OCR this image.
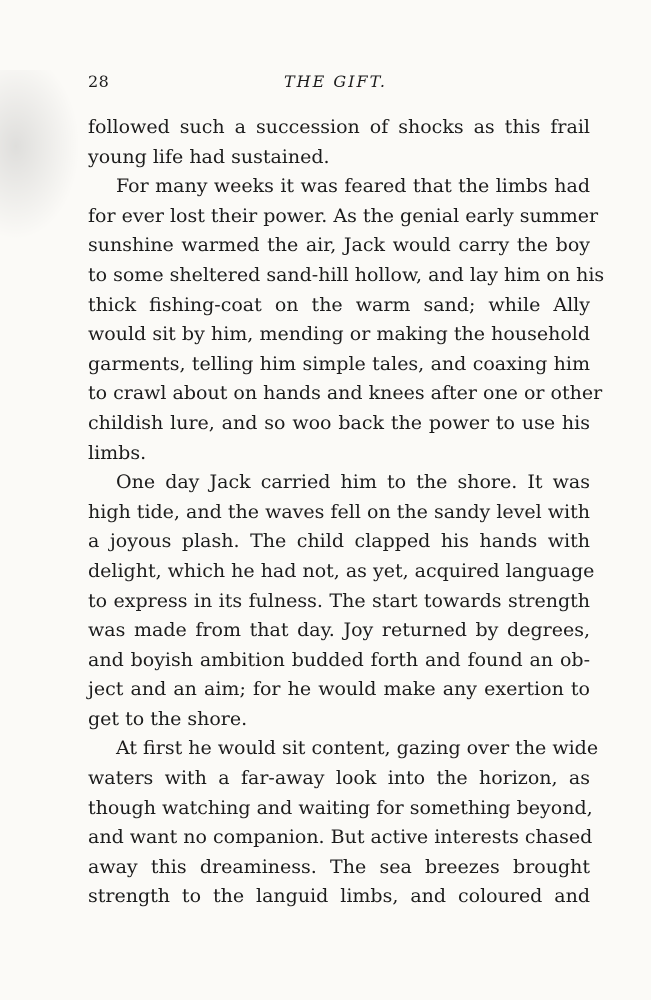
28	THE GIFT.
followed such a succession of shocks as this frail
young life had sustained.
For many weeks it was feared that the limbs had
for ever lost their power. As the genial early summer
sunshine warmed the air, Jack would carry the boy
to some sheltered sand-hill hollow, and lay him on his
thick fishing-coat on the warm sand; while Ally
would sit by him, mending or making the household
garments, telling him simple tales, and coaxing him
to crawl about on hands and knees after one or other
childish lure, and so woo back the power to use his
limbs.
One day Jack carried him to the shore. It was
high tide, and the waves fell on the sandy level with
a joyous plash. The child clapped his hands with
delight, which he had not, as yet, acquired language
to express in its fulness. The start towards strength
was made from that day. Joy returned by degrees,
and boyish ambition budded forth and found an ob-
ject and an aim; for he would make any exertion to
get to the shore.
At first he would sit content, gazing over the wide
waters with a far-away look into the horizon, as
though watching and waiting for something beyond,
and want no companion. But active interests chased
away this dreaminess. The sea breezes brought
strength to the languid limbs, and coloured and
